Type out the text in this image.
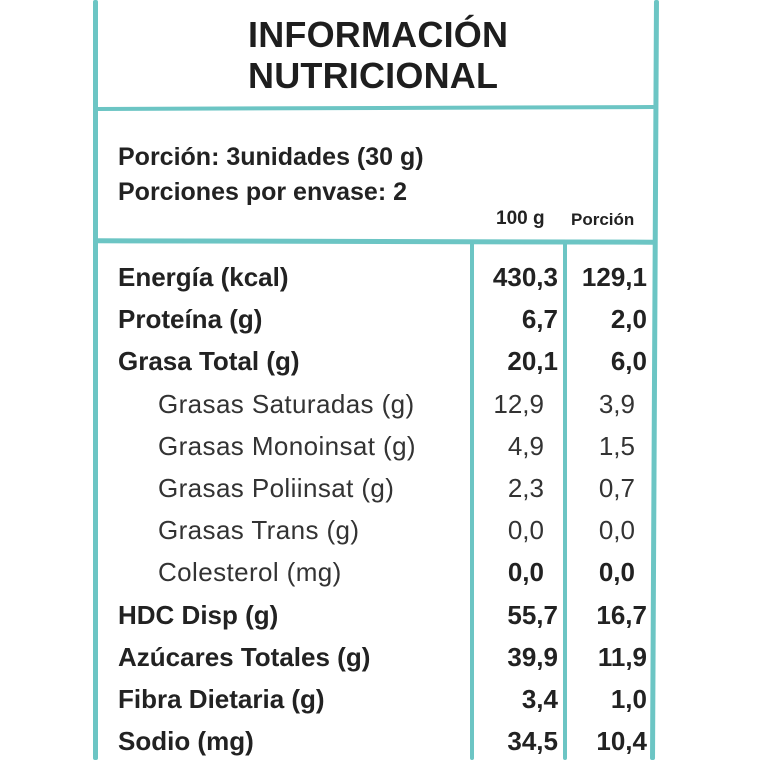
INFORMACIÓN
NUTRICIONAL
Porción: 3unidades (30 g)
Porciones por envase: 2
100 g Porción
Energía (kcal)	430,3 129,1
Proteína (g)	6,7	2,0
Grasa Total (g)	20,1	6,0
Grasas Saturadas (g)	12,9	3,9
Grasas Monoinsat (g)	4,9	1,5
Grasas Poliinsat (g)	2,3	0,7
Grasas Trans (g)	0,0	0,0
Colesterol (mg)	0,0	0,0
HDC Disp (g)	55,7	16,7
Azúcares Totales (g)	39,9	11,9
Fibra Dietaria (g)	3,4	1,0
Sodio (mg)	34,5	10,4
